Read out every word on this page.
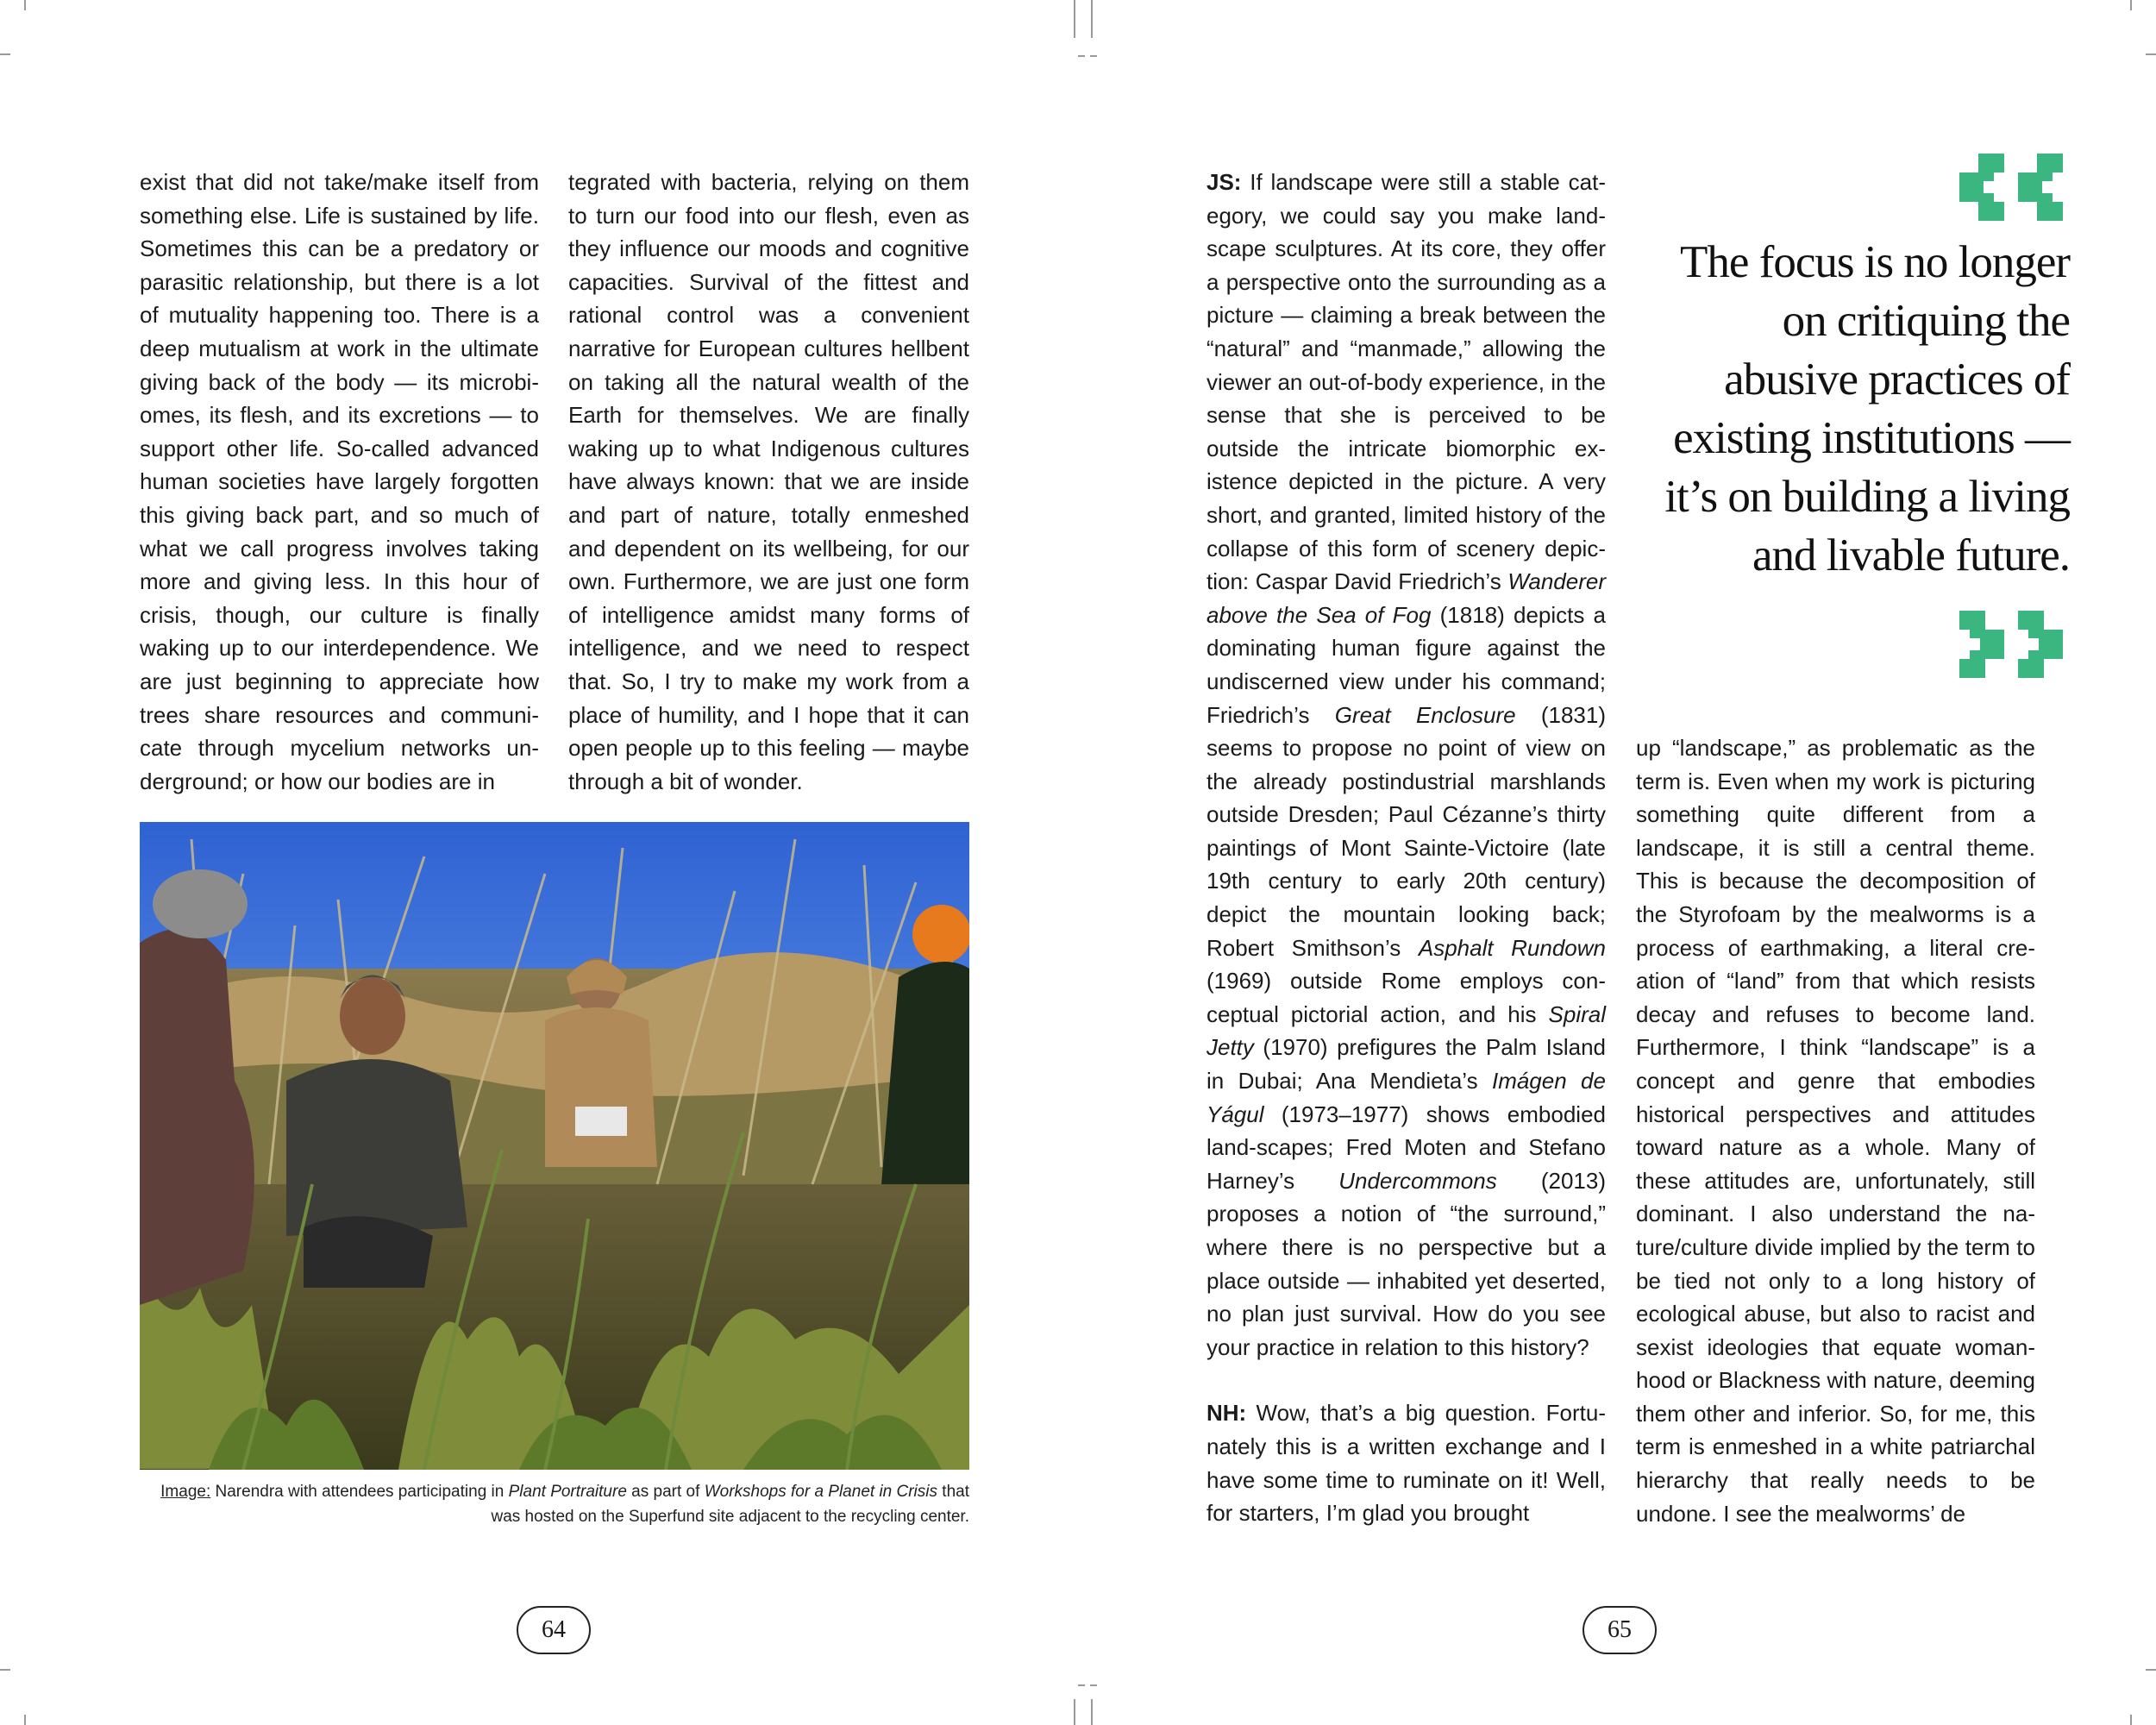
exist that did not take/make itself from something else. Life is sustained by life. Sometimes this can be a predatory or parasitic relationship, but there is a lot of mutuality happening too. There is a deep mutualism at work in the ultimate giving back of the body — its microbiomes, its flesh, and its excretions — to support other life. So-called advanced human societies have largely forgotten this giving back part, and so much of what we call progress involves taking more and giving less. In this hour of crisis, though, our culture is finally waking up to our interdependence. We are just beginning to appreciate how trees share resources and communicate through mycelium networks underground; or how our bodies are in

tegrated with bacteria, relying on them to turn our food into our flesh, even as they influence our moods and cognitive capacities. Survival of the fittest and rational control was a convenient narrative for European cultures hellbent on taking all the natural wealth of the Earth for themselves. We are finally waking up to what Indigenous cultures have always known: that we are inside and part of nature, totally enmeshed and dependent on its wellbeing, for our own. Furthermore, we are just one form of intelligence amidst many forms of intelligence, and we need to respect that. So, I try to make my work from a place of humility, and I hope that it can open people up to this feeling — maybe through a bit of wonder.

Image: Narendra with attendees participating in Plant Portraiture as part of Workshops for a Planet in Crisis that was hosted on the Superfund site adjacent to the recycling center.
64

JS: If landscape were still a stable category, we could say you make landscape sculptures. At its core, they offer a perspective onto the surrounding as a picture — claiming a break between the “natural” and “manmade,” allowing the viewer an out-of-body experience, in the sense that she is perceived to be outside the intricate biomorphic existence depicted in the picture. A very short, and granted, limited history of the collapse of this form of scenery depiction: Caspar David Friedrich’s Wanderer above the Sea of Fog (1818) depicts a dominating human figure against the undiscerned view under his command; Friedrich’s Great Enclosure (1831) seems to propose no point of view on the already postindustrial marshlands outside Dresden; Paul Cézanne’s thirty paintings of Mont Sainte-Victoire (late 19th century to early 20th century) depict the mountain looking back; Robert Smithson’s Asphalt Rundown (1969) outside Rome employs conceptual pictorial action, and his Spiral Jetty (1970) prefigures the Palm Island in Dubai; Ana Mendieta’s Imágen de Yágul (1973–1977) shows embodied land-scapes; Fred Moten and Stefano Harney’s Undercommons (2013) proposes a notion of “the surround,” where there is no perspective but a place outside — inhabited yet deserted, no plan just survival. How do you see your practice in relation to this history?

NH: Wow, that’s a big question. Fortunately this is a written exchange and I have some time to ruminate on it! Well, for starters, I’m glad you brought

up “landscape,” as problematic as the term is. Even when my work is picturing something quite different from a landscape, it is still a central theme. This is because the decomposition of the Styrofoam by the mealworms is a process of earthmaking, a literal creation of “land” from that which resists decay and refuses to become land. Furthermore, I think “landscape” is a concept and genre that embodies historical perspectives and attitudes toward nature as a whole. Many of these attitudes are, unfortunately, still dominant. I also understand the nature/culture divide implied by the term to be tied not only to a long history of ecological abuse, but also to racist and sexist ideologies that equate womanhood or Blackness with nature, deeming them other and inferior. So, for me, this term is enmeshed in a white patriarchal hierarchy that really needs to be undone. I see the mealworms’ de

The focus is no longer on critiquing the abusive practices of existing institutions — it’s on building a living and livable future.
65
